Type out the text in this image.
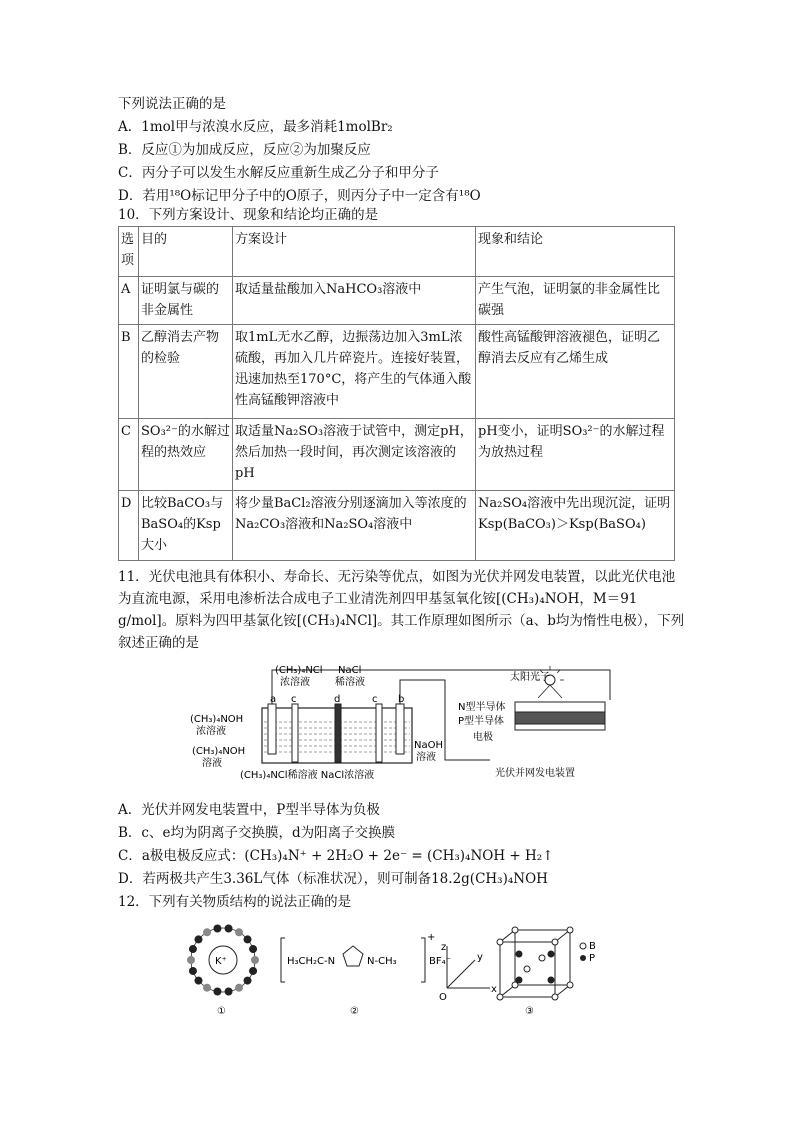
下列说法正确的是
A．1mol甲与浓溴水反应，最多消耗1molBr₂
B．反应①为加成反应，反应②为加聚反应
C．丙分子可以发生水解反应重新生成乙分子和甲分子
D．若用¹⁸O标记甲分子中的O原子，则丙分子中一定含有¹⁸O
10．下列方案设计、现象和结论均正确的是
选项	目的	方案设计	现象和结论
A	证明氯与碳的非金属性	取适量盐酸加入NaHCO₃溶液中	产生气泡，证明氯的非金属性比碳强
B	乙醇消去产物的检验	取1mL无水乙醇，边振荡边加入3mL浓硫酸，再加入几片碎瓷片。连接好装置，迅速加热至170°C，将产生的气体通入酸性高锰酸钾溶液中	酸性高锰酸钾溶液褪色，证明乙醇消去反应有乙烯生成
C	SO₃²⁻的水解过程的热效应	取适量Na₂SO₃溶液于试管中，测定pH，然后加热一段时间，再次测定该溶液的pH	pH变小，证明SO₃²⁻的水解过程为放热过程
D	比较BaCO₃与BaSO₄的Ksp大小	将少量BaCl₂溶液分别逐滴加入等浓度的Na₂CO₃溶液和Na₂SO₄溶液中	Na₂SO₄溶液中先出现沉淀，证明Ksp(BaCO₃)＞Ksp(BaSO₄)
11．光伏电池具有体积小、寿命长、无污染等优点，如图为光伏并网发电装置，以此光伏电池为直流电源，采用电渗析法合成电子工业清洗剂四甲基氢氧化铵[(CH₃)₄NOH，M＝91 g/mol]。原料为四甲基氯化铵[(CH₃)₄NCl]。其工作原理如图所示（a、b均为惰性电极），下列叙述正确的是
a c	d	c b
(CH₃)₄NCl
浓溶液
NaCl
稀溶液
(CH₃)₄NOH
浓溶液
(CH₃)₄NOH
溶液
NaOH
溶液
(CH₃)₄NCl稀溶液 NaCl浓溶液
太阳光子
N型半导体
P型半导体
电极
光伏并网发电装置
A．光伏并网发电装置中，P型半导体为负极
B．c、e均为阴离子交换膜，d为阳离子交换膜
C．a极电极反应式：(CH₃)₄N⁺ + 2H₂O + 2e⁻ = (CH₃)₄NOH + H₂↑
D．若两极共产生3.36L气体（标准状况），则可制备18.2g(CH₃)₄NOH
12．下列有关物质结构的说法正确的是
K⁺
①
H₃CH₂C-N	N-CH₃
+
BF₄⁻
②
z
y
x
O
B
P
③
